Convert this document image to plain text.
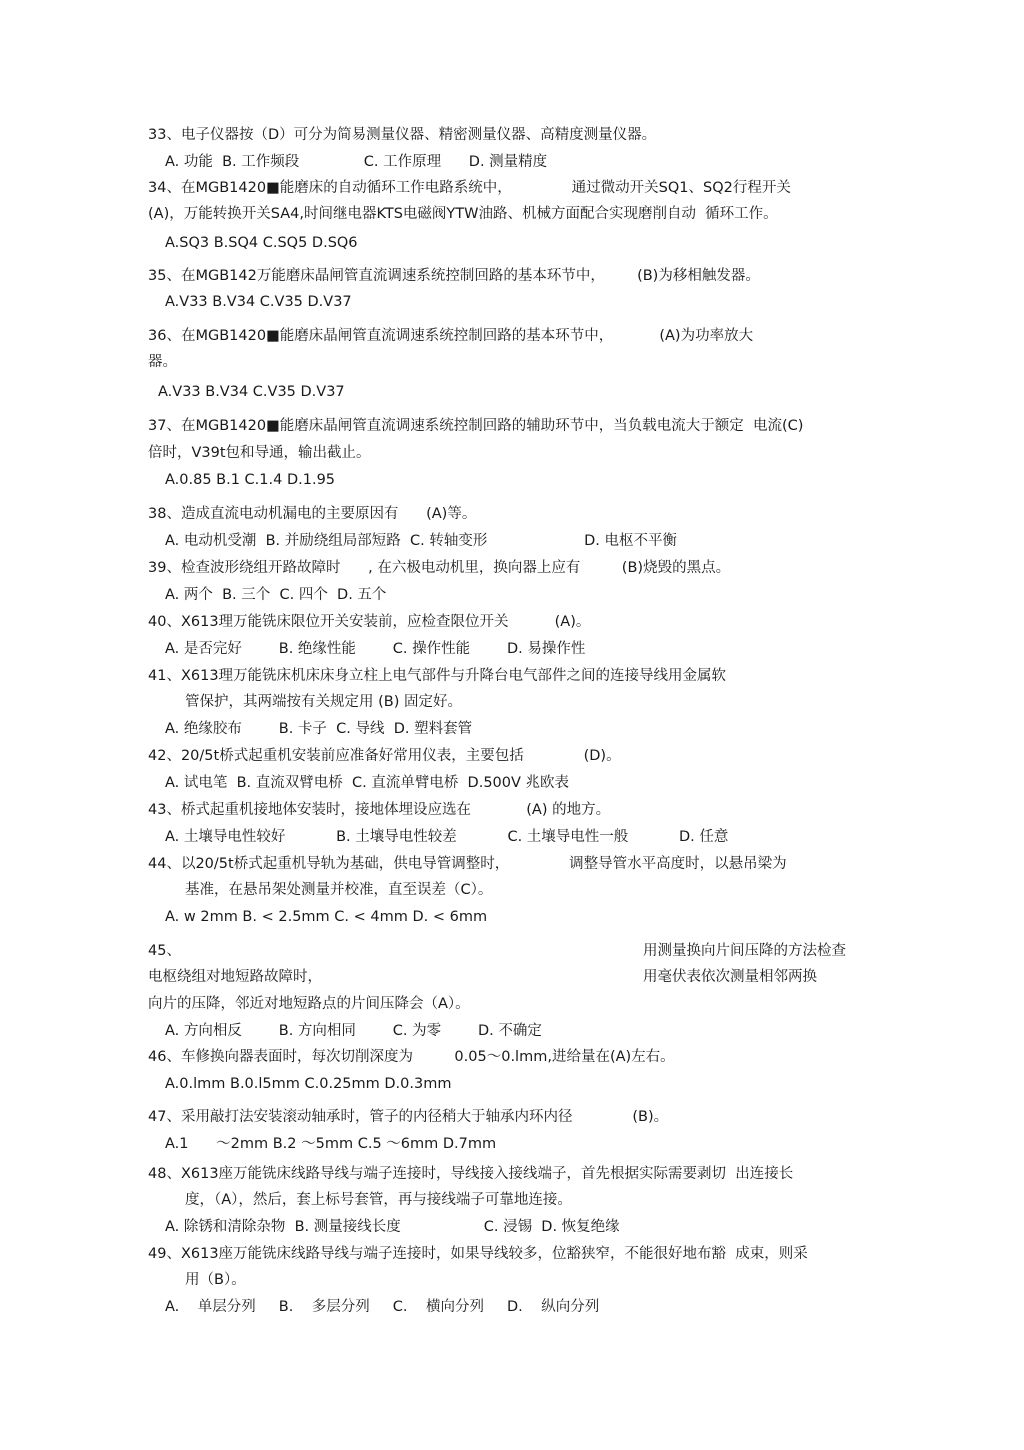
33、电子仪器按（D）可分为简易测量仪器、精密测量仪器、高精度测量仪器。
A. 功能  B. 工作频段              C. 工作原理      D. 测量精度
34、在MGB1420■能磨床的自动循环工作电路系统中，             通过微动开关SQ1、SQ2行程开关
(A)，万能转换开关SA4,时间继电器KTS电磁阀YTW油路、机械方面配合实现磨削自动  循环工作。
A.SQ3 B.SQ4 C.SQ5 D.SQ6
35、在MGB142万能磨床晶闸管直流调速系统控制回路的基本环节中，       (B)为移相触发器。
A.V33 B.V34 C.V35 D.V37
36、在MGB1420■能磨床晶闸管直流调速系统控制回路的基本环节中，          (A)为功率放大
器。
A.V33 B.V34 C.V35 D.V37
37、在MGB1420■能磨床晶闸管直流调速系统控制回路的辅助环节中，当负载电流大于额定  电流(C)
倍时，V39t包和导通，输出截止。
A.0.85 B.1 C.1.4 D.1.95
38、造成直流电动机漏电的主要原因有      (A)等。
A. 电动机受潮  B. 并励绕组局部短路  C. 转轴变形                     D. 电枢不平衡
39、检查波形绕组开路故障时      , 在六极电动机里，换向器上应有         (B)烧毁的黑点。
A. 两个  B. 三个  C. 四个  D. 五个
40、X613理万能铣床限位开关安装前，应检查限位开关          (A)。
A. 是否完好        B. 绝缘性能        C. 操作性能        D. 易操作性
41、X613理万能铣床机床床身立柱上电气部件与升降台电气部件之间的连接导线用金属软
管保护，其两端按有关规定用 (B) 固定好。
A. 绝缘胶布        B. 卡子  C. 导线  D. 塑料套管
42、20/5t桥式起重机安装前应准备好常用仪表，主要包括             (D)。
A. 试电笔  B. 直流双臂电桥  C. 直流单臂电桥  D.500V 兆欧表
43、桥式起重机接地体安装时，接地体埋设应选在            (A) 的地方。
A. 土壤导电性较好           B. 土壤导电性较差           C. 土壤导电性一般           D. 任意
44、以20/5t桥式起重机导轨为基础，供电导管调整时，             调整导管水平高度时，以悬吊梁为
基准，在悬吊架处测量并校准，直至误差（C）。
A. w 2mm B. < 2.5mm C. < 4mm D. < 6mm
45、	用测量换向片间压降的方法检查
电枢绕组对地短路故障时，	用毫伏表依次测量相邻两换
向片的压降，邻近对地短路点的片间压降会（A）。
A. 方向相反        B. 方向相同        C. 为零        D. 不确定
46、车修换向器表面时，每次切削深度为         0.05～0.lmm,进给量在(A)左右。
A.0.lmm B.0.l5mm C.0.25mm D.0.3mm
47、采用敲打法安装滚动轴承时，管子的内径稍大于轴承内环内径             (B)。
A.1      ～2mm B.2 ～5mm C.5 ～6mm D.7mm
48、X613座万能铣床线路导线与端子连接时，导线接入接线端子，首先根据实际需要剥切  出连接长
度，（A），然后，套上标号套管，再与接线端子可靠地连接。
A. 除锈和清除杂物  B. 测量接线长度                  C. 浸锡  D. 恢复绝缘
49、X613座万能铣床线路导线与端子连接时，如果导线较多，位豁狭窄，不能很好地布豁  成束，则采
用（B）。
A.    单层分列     B.    多层分列     C.    横向分列     D.    纵向分列
